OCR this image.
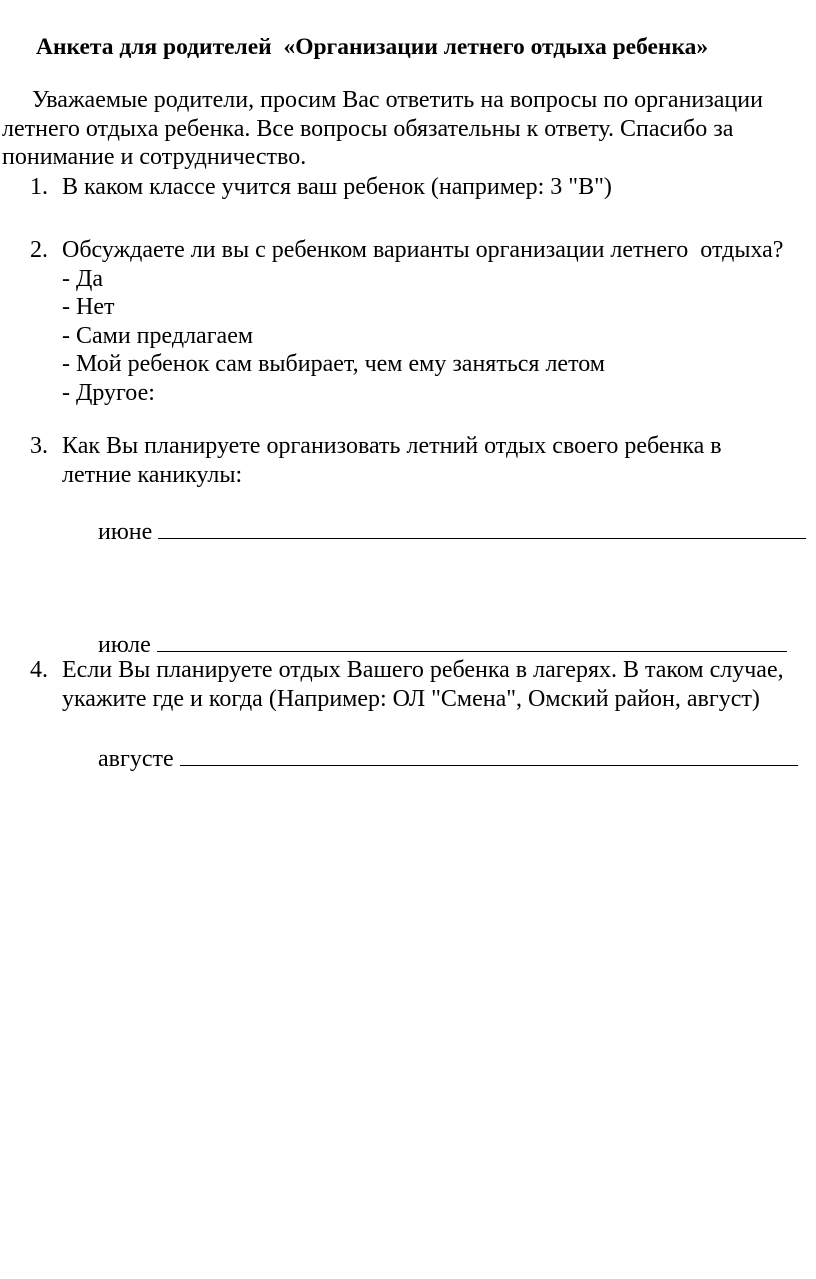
Анкета для родителей  «Организации летнего отдыха ребенка»
Уважаемые родители, просим Вас ответить на вопросы по организации летнего отдыха ребенка. Все вопросы обязательны к ответу. Спасибо за понимание и сотрудничество.
1. В каком классе учится ваш ребенок (например: 3 "В")
2. Обсуждаете ли вы с ребенком варианты организации летнего  отдыха?
- Да
- Нет
- Сами предлагаем
- Мой ребенок сам выбирает, чем ему заняться летом
- Другое:
3. Как Вы планируете организовать летний отдых своего ребенка в
летние каникулы:

июне

июле

августе

4. Если Вы планируете отдых Вашего ребенка в лагерях. В таком случае,
укажите где и когда (Например: ОЛ "Смена", Омский район, август)
